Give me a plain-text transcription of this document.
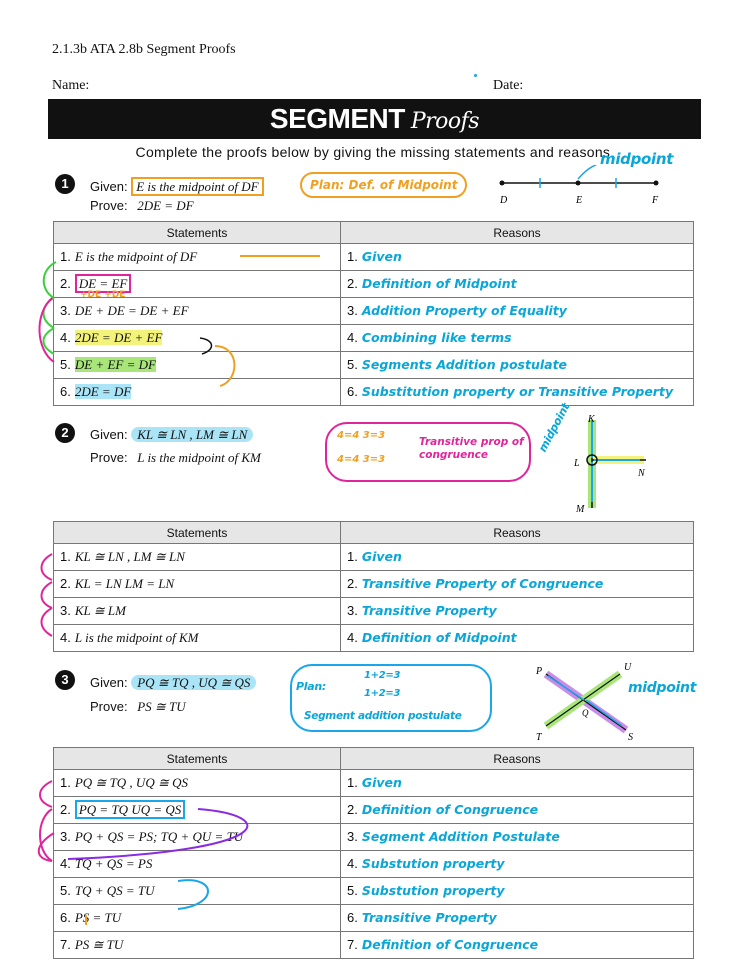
2.1.3b ATA 2.8b Segment Proofs
Name:	Date:
SEGMENT Proofs
Complete the proofs below by giving the missing statements and reasons.
1	Given: E is the midpoint of DF
Prove: 2DE = DF
Plan: Def. of Midpoint
midpoint
D	E	F
Statements	Reasons
1. E is the midpoint of DF	1. Given
2. DE = EF	2. Definition of Midpoint
3. DE + DE = DE + EF	3. Addition Property of Equality
4. 2DE = DE + EF	4. Combining like terms
5. DE + EF = DF	5. Segments Addition postulate
6. 2DE = DF	6. Substitution property or Transitive Property
+DE +DE
2	Given: KL ≅ LN , LM ≅ LN
Prove: L is the midpoint of KM
4=4 3=3
4=4 3=3
Transitive prop of congruence
midpoint K
L
N
M
Statements	Reasons
1. KL ≅ LN , LM ≅ LN	1. Given
2. KL = LN LM = LN	2. Transitive Property of Congruence
3. KL ≅ LM	3. Transitive Property
4. L is the midpoint of KM	4. Definition of Midpoint
3	Given: PQ ≅ TQ , UQ ≅ QS
Prove: PS ≅ TU
Plan:
1+2=3
1+2=3
Segment addition postulate
midpoint
P	U
Q
T	S
Statements	Reasons
1. PQ ≅ TQ , UQ ≅ QS	1. Given
2. PQ = TQ UQ = QS	2. Definition of Congruence
3. PQ + QS = PS; TQ + QU = TU	3. Segment Addition Postulate
4. TQ + QS = PS	4. Substution property
5. TQ + QS = TU	5. Substution property
6. PS = TU	6. Transitive Property
7. PS ≅ TU	7. Definition of Congruence
